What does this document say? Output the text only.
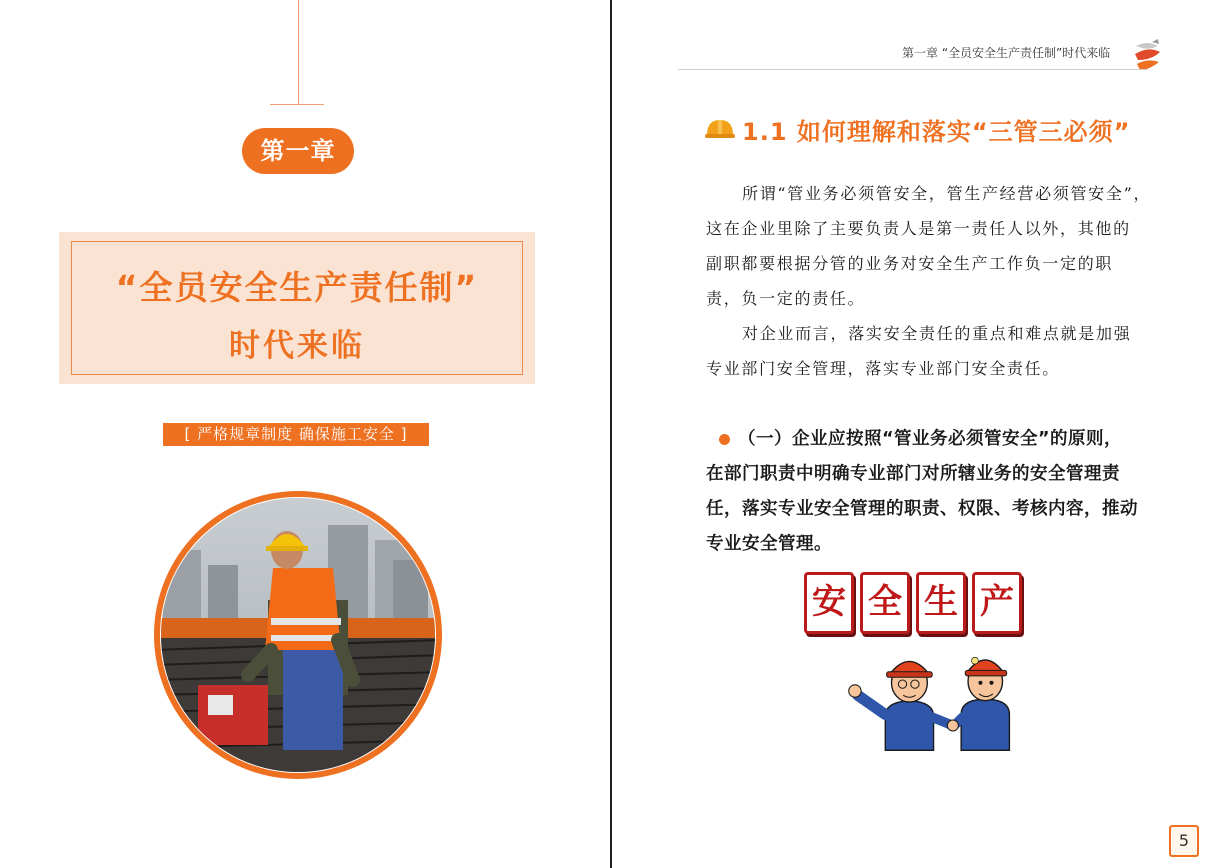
第一章
“全员安全生产责任制”
时代来临
[ 严格规章制度 确保施工安全 ]
第一章 “全员安全生产责任制”时代来临
1.1 如何理解和落实“三管三必须”
所谓“管业务必须管安全，管生产经营必须管安全”，
这在企业里除了主要负责人是第一责任人以外，其他的
副职都要根据分管的业务对安全生产工作负一定的职
责，负一定的责任。
对企业而言，落实安全责任的重点和难点就是加强
专业部门安全管理，落实专业部门安全责任。
（一）企业应按照“管业务必须管安全”的原则，
在部门职责中明确专业部门对所辖业务的安全管理责
任，落实专业安全管理的职责、权限、考核内容，推动
专业安全管理。
安 全 生 产
5
